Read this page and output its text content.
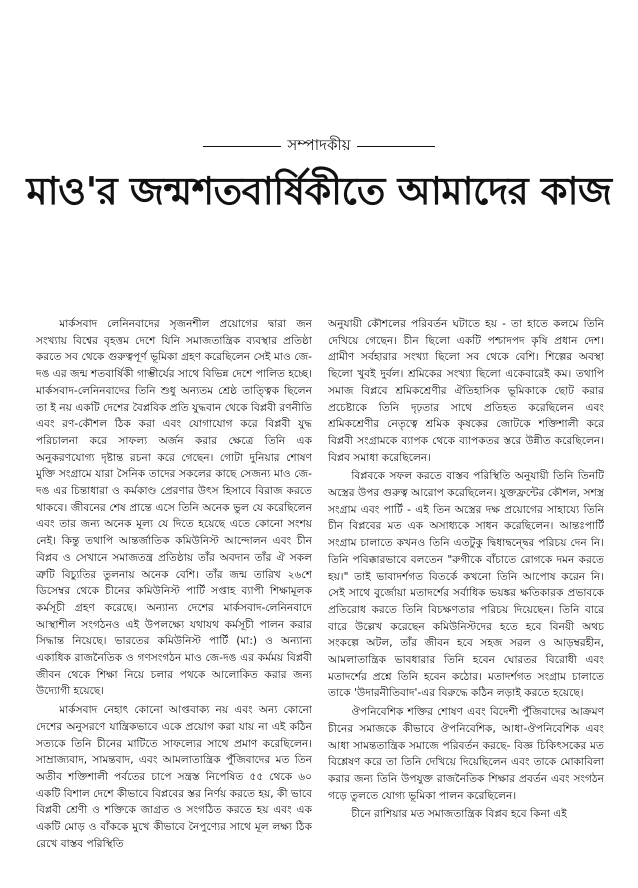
সম্পাদকীয়
মাও'র জন্মশতবার্ষিকীতে আমাদের কাজ

মার্কসবাদ লেনিনবাদের সৃজনশীল প্রয়োগের দ্বারা জন সংখ্যায় বিশ্বের বৃহত্তম দেশে যিনি সমাজতান্ত্রিক ব্যবস্থার প্রতিষ্ঠা করতে সব থেকে গুরুত্বপূর্ণ ভূমিকা গ্রহণ করেছিলেন সেই মাও জে-দঙ এর জন্ম শতবার্ষিকী গাম্ভীর্যের সাথে বিভিন্ন দেশে পালিত হচ্ছে। মার্কসবাদ-লেনিনবাদের তিনি শুধু অন্যতম শ্রেষ্ঠ তাত্ত্বিক ছিলেন তা ই নয় একটি দেশের বৈপ্লবিক প্রতি যুদ্ধবান থেকে বিপ্লবী রণনীতি এবং রণ-কৌশল ঠিক করা এবং যোগাযোগ করে বিপ্লবী যুদ্ধ পরিচালনা করে সাফল্য অর্জন করার ক্ষেত্রে তিনি এক অনুকরণযোগ্য দৃষ্টান্ত রচনা করে গেছেন। গোটা দুনিয়ার শোষণ মুক্তি সংগ্রামে যারা সৈনিক তাদের সকলের কাছে সেজন্য মাও জে-দঙ এর চিন্তাধারা ও কর্মকাণ্ড প্রেরণার উৎস হিসাবে বিরাজ করতে থাকবে। জীবনের শেষ প্রান্তে এসে তিনি অনেক ভুল যে করেছিলেন এবং তার জন্য অনেক মূল্য যে দিতে হয়েছে এতে কোনো সংশয় নেই। কিন্তু তথাপি আন্তর্জাতিক কমিউনিস্ট আন্দোলন এবং চীন বিপ্লব ও সেখানে সমাজতন্ত্র প্রতিষ্ঠায় তাঁর অবদান তাঁর ঐ সকল ত্রুটি বিচ্যুতির তুলনায় অনেক বেশি। তাঁর জন্ম তারিখ ২৬শে ডিসেম্বর থেকে চীনের কমিউনিস্ট পার্টি সপ্তাহ ব্যাপী শিক্ষামূলক কর্মসূচী গ্রহণ করেছে। অন্যান্য দেশের মার্কসবাদ-লেনিনবাদে আস্থাশীল সংগঠনও এই উপলক্ষ্যে যথাযথ কর্মসূচী পালন করার সিদ্ধান্ত নিয়েছে। ভারতের কমিউনিস্ট পার্টি (মা:) ও অন্যান্য একাধিক রাজনৈতিক ও গণসংগঠন মাও জে-দঙ এর কর্মময় বিপ্লবী জীবন থেকে শিক্ষা নিয়ে চলার পথকে আলোকিত করার জন্য উদ্যোগী হয়েছে।

মার্কসবাদ নেহাৎ কোনো আপ্তবাক্য নয় এবং অন্য কোনো দেশের অনুসরণে যান্ত্রিকভাবে একে প্রয়োগ করা যায় না এই কঠিন সত্যকে তিনি চীনের মাটিতে সাফল্যের সাথে প্রমাণ করেছিলেন। সাম্রাজ্যবাদ, সামন্তবাদ, এবং আমলাতান্ত্রিক পুঁজিবাদের মত তিন অতীব শক্তিশালী পর্বতের চাপে সন্ত্রস্ত নিপেষিত ৫৫ থেকে ৬০ একটি বিশাল দেশে কীভাবে বিপ্লবের স্তর নির্ণয় করতে হয়, কী ভাবে বিপ্লবী শ্রেণী ও শক্তিকে জাগ্রত ও সংগঠিত করতে হয় এবং এক একটি মোড় ও বাঁককে মুখে কীভাবে নৈপুণ্যের সাথে মূল লক্ষ্য ঠিক রেখে বাস্তব পরিস্থিতি

অনুযায়ী কৌশলের পরিবর্তন ঘটাতে হয় - তা হাতে কলমে তিনি দেখিয়ে গেছেন। চীন ছিলো একটি পশ্চাদপদ কৃষি প্রধান দেশ। গ্রামীণ সর্বহারার সংখ্যা ছিলো সব থেকে বেশি। শিল্পের অবস্থা ছিলো খুবই দুর্বল। শ্রমিকের সংখ্যা ছিলো একেবারেই কম। তথাপি সমাজ বিপ্লবে শ্রমিকশ্রেণীর ঐতিহাসিক ভূমিকাকে ছোট করার প্রচেষ্টাকে তিনি দৃঢ়তার সাথে প্রতিহত করেছিলেন এবং শ্রমিকশ্রেণীর নেতৃত্বে শ্রমিক কৃষকের জোটকে শক্তিশালী করে বিপ্লবী সংগ্রামকে ব্যাপক থেকে ব্যাপকতর স্তরে উন্নীত করেছিলেন। বিপ্লব সমাধা করেছিলেন।

বিপ্লবকে সফল করতে বাস্তব পরিস্থিতি অনুযায়ী তিনি তিনটি অস্ত্রের উপর গুরুত্ব আরোপ করেছিলেন। যুক্তফ্রন্টের কৌশল, সশস্ত্র সংগ্রাম এবং পার্টি - এই তিন অস্ত্রের দক্ষ প্রয়োগের সাহায্যে তিনি চীন বিপ্লবের মত এক অসাধ্যকে সাধন করেছিলেন। আন্তঃপার্টি সংগ্রাম চালাতে কখনও তিনি এতটুকু দ্বিধাদ্বন্দ্বের পরিচয় দেন নি। তিনি পবিক্কারভাবে বলতেন "রুগীকে বাঁচাতে রোগকে দমন করতে হয়।" তাই ভাবাদর্শগত বিতর্কে কখনো তিনি আপোষ করেন নি। সেই সাথে বুর্জোয়া মতাদর্শের সর্বাধিক ভয়ঙ্কর ক্ষতিকারক প্রভাবকে প্রতিরোধ করতে তিনি বিচক্ষণতার পরিচয় দিয়েছেন। তিনি বারে বারে উল্লেখ করেছেন কমিউনিস্টদের হতে হবে বিনয়ী অথচ সংকল্পে অটল, তাঁর জীবন হবে সহজ সরল ও আড়ম্বরহীন, আমলাতান্ত্রিক ভাবধারার তিনি হবেন ঘোরতর বিরোধী এবং মতাদর্শের প্রশ্নে তিনি হবেন কঠোর। মতাদর্শগত সংগ্রাম চালাতে তাকে 'উদারনীতিবাদ'-এর বিরুদ্ধে কঠিন লড়াই করতে হয়েছে।

ঔপনিবেশিক শক্তির শোষণ এবং বিদেশী পুঁজিবাদের আক্রমণ চীনের সমাজকে কীভাবে ঔপনিবেশিক, আধা-ঔপনিবেশিক এবং আধা সামন্ততান্ত্রিক সমাজে পরিবর্তন করছে- বিজ্ঞ চিকিৎসকের মত বিশ্লেষণ করে তা তিনি দেখিয়ে দিয়েছিলেন এবং তাকে মোকাবিলা করার জন্য তিনি উপযুক্ত রাজনৈতিক শিক্ষার প্রবর্তন এবং সংগঠন গড়ে তুলতে যোগ্য ভূমিকা পালন করেছিলেন।

চীনে রাশিয়ার মত সমাজতান্ত্রিক বিপ্লব হবে কিনা এই
